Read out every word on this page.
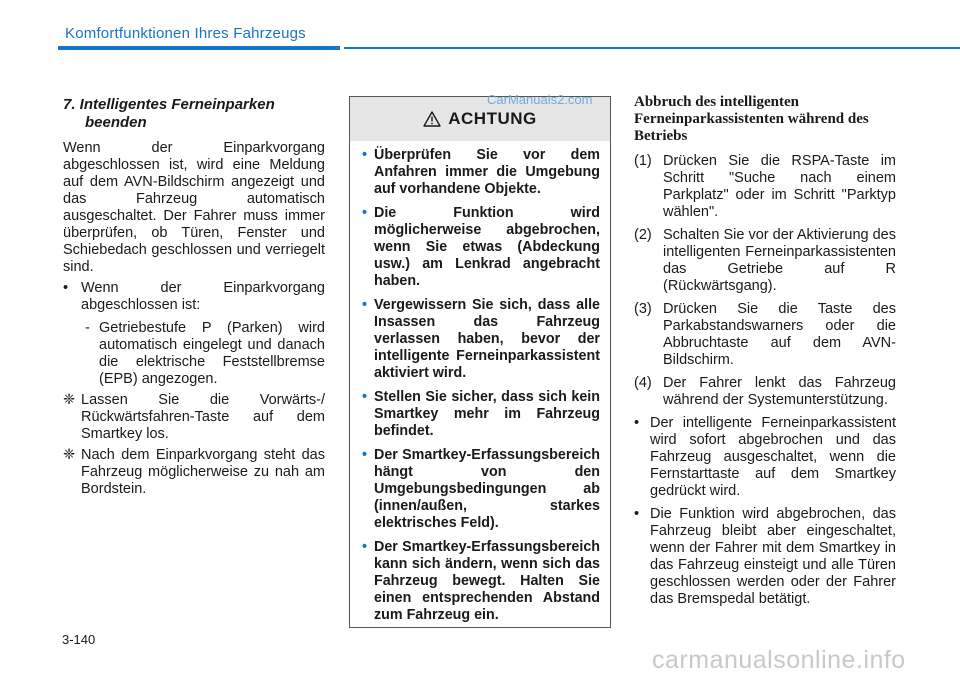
Komfortfunktionen Ihres Fahrzeugs
7. Intelligentes Ferneinparken
beenden

Wenn der Einparkvorgang abgeschlossen ist, wird eine Meldung auf dem AVN-Bildschirm angezeigt und das Fahrzeug automatisch ausgeschaltet. Der Fahrer muss immer überprüfen, ob Türen, Fenster und Schiebedach geschlossen und verriegelt sind.

• Wenn der Einparkvorgang abgeschlossen ist:
- Getriebestufe P (Parken) wird automatisch eingelegt und danach die elektrische Feststellbremse (EPB) angezogen.
❈ Lassen Sie die Vorwärts-/ Rückwärtsfahren-Taste auf dem Smartkey los.
❈ Nach dem Einparkvorgang steht das Fahrzeug möglicherweise zu nah am Bordstein.
ACHTUNG
• Überprüfen Sie vor dem Anfahren immer die Umgebung auf vorhandene Objekte.
• Die Funktion wird möglicherweise abgebrochen, wenn Sie etwas (Abdeckung usw.) am Lenkrad angebracht haben.
• Vergewissern Sie sich, dass alle Insassen das Fahrzeug verlassen haben, bevor der intelligente Ferneinparkassistent aktiviert wird.
• Stellen Sie sicher, dass sich kein Smartkey mehr im Fahrzeug befindet.
• Der Smartkey-Erfassungsbereich hängt von den Umgebungsbedingungen ab (innen/außen, starkes elektrisches Feld).
• Der Smartkey-Erfassungsbereich kann sich ändern, wenn sich das Fahrzeug bewegt. Halten Sie einen entsprechenden Abstand zum Fahrzeug ein.
CarManuals2.com	Abbruch des intelligenten Ferneinparkassistenten während des Betriebs
(1) Drücken Sie die RSPA-Taste im Schritt "Suche nach einem Parkplatz" oder im Schritt "Parktyp wählen".
(2) Schalten Sie vor der Aktivierung des intelligenten Ferneinparkassistenten das Getriebe auf R (Rückwärtsgang).
(3) Drücken Sie die Taste des Parkabstandswarners oder die Abbruchtaste auf dem AVN-Bildschirm.
(4) Der Fahrer lenkt das Fahrzeug während der Systemunterstützung.
• Der intelligente Ferneinparkassistent wird sofort abgebrochen und das Fahrzeug ausgeschaltet, wenn die Fernstarttaste auf dem Smartkey gedrückt wird.
• Die Funktion wird abgebrochen, das Fahrzeug bleibt aber eingeschaltet, wenn der Fahrer mit dem Smartkey in das Fahrzeug einsteigt und alle Türen geschlossen werden oder der Fahrer das Bremspedal betätigt.
3-140
carmanualsonline.info
